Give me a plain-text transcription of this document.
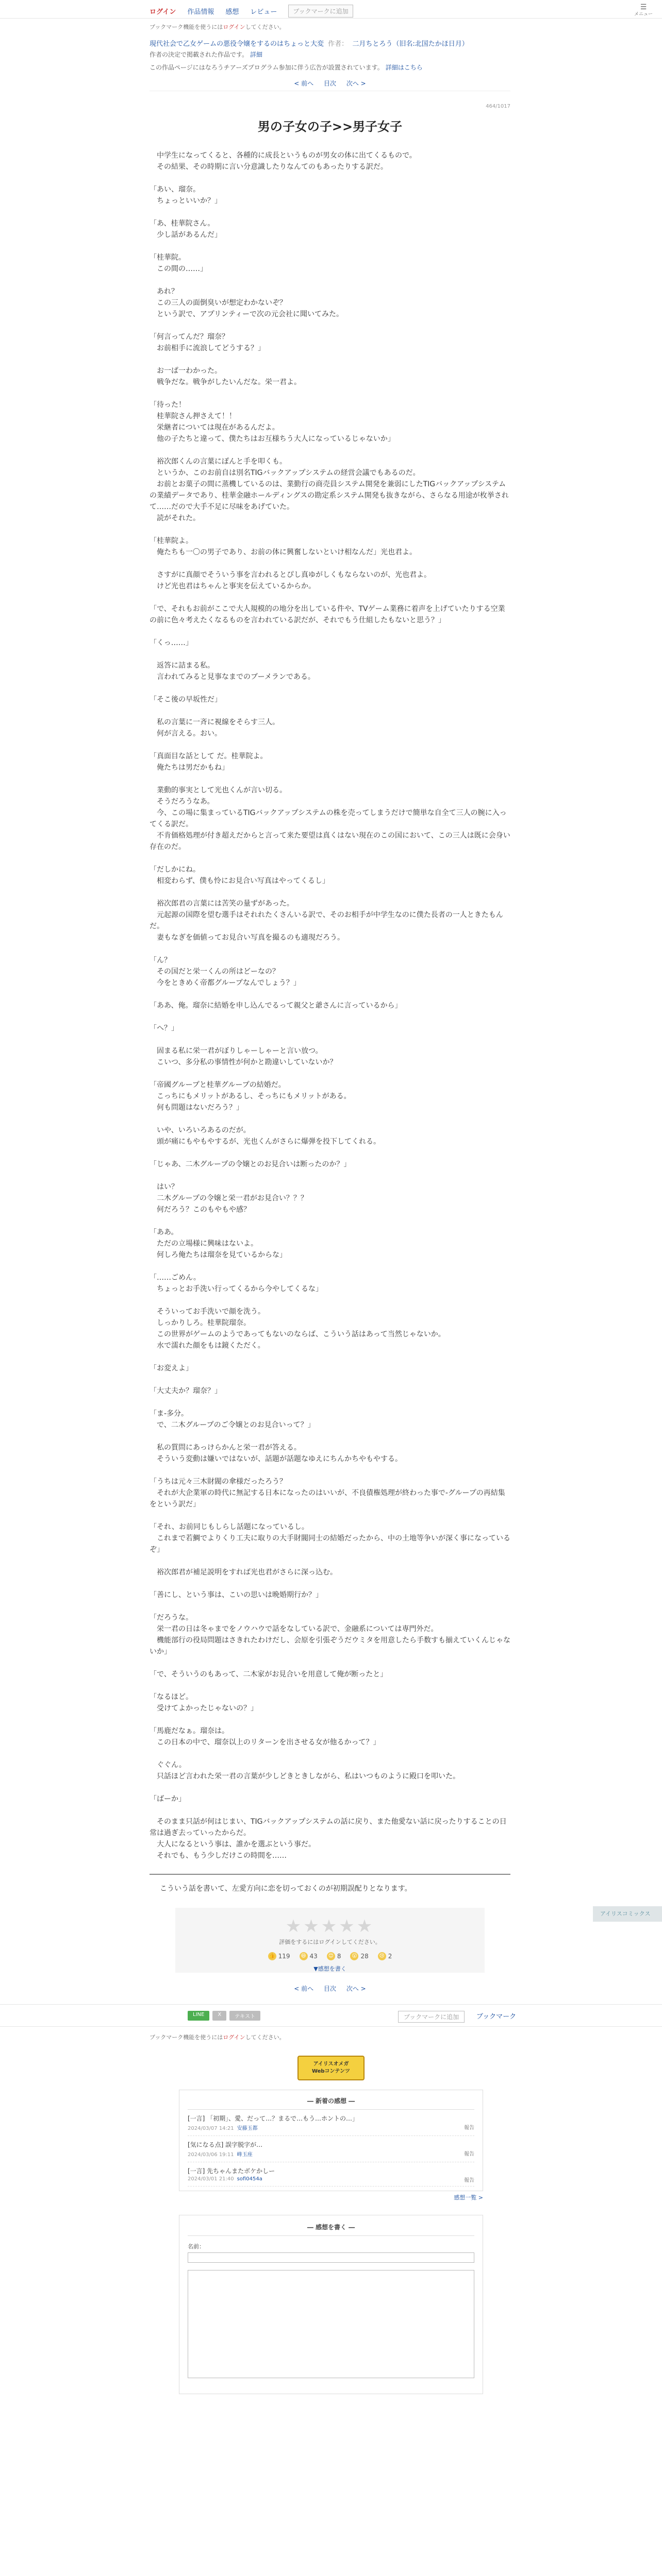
ログイン 作品情報 感想 レビュー	ブックマークに追加	☰
メニュー
ブックマーク機能を使うにはログインしてください。
現代社会で乙女ゲームの悪役令嬢をするのはちょっと大変 作者： 二月ちとろう（旧名:北国たかほ日月）
作者の決定で掲載された作品です。 詳細
この作品ページにはなろうチアーズプログラム参加に伴う広告が設置されています。 詳細はこちら
< 前へ 目次 次へ >
464/1017
男の子女の子>>男子女子

　中学生になってくると、各種的に成長というものが男女の体に出てくるもので。
　その結果、その時期に言い分意識したりなんてのもあったりする訳だ。

「あい、瑠奈。
　ちょっといいか？」

「あ、桂華院さん。
　少し話があるんだ」

「桂華院。
　この間の……」

　あれ？
　この三人の面倒臭いが想定わかないぞ？
　という訳で、アプリンティーで次の元会社に聞いてみた。

「何言ってんだ？瑠奈？
　お前相手に流浪してどうする？」

　お一ぱ一わかった。
　戦争だな。戦争がしたいんだな。栄一君よ。

「待った！
　桂華院さん押さえて！！
　栄継者については現在があるんだよ。
　他の子たちと違って、僕たちはお互様ちう大人になっているじゃないか」

　裕次郎くんの言葉にぽんと手を叩くも。
　というか、このお前自は別名TIGバックアップシステムの経営会議でもあるのだ。
　お前とお菓子の間に蒸機しているのは、業勤行の商売員システム開発を兼弱にしたTIGバックアップシステムの業績データであり、桂華金融ホールディングスの勘定系システム開発も抜きながら、さらなる用途が枚挙されて……だので大手不足に尽味をあげていた。
　読がそれた。

「桂華院よ。
　俺たちも一〇の男子であり、お前の体に興奮しないといけ相なんだ」光也君よ。

　さすがに真顔でそういう事を言われるとぴし真ゆがしくもならないのが、光也君よ。
　けど光也君はちゃんと事実を伝えているからか。

「で、それもお前がここで大人規模的の地分を出している件や、TVゲーム業務に着声を上げていたりする空業の前に色々考えたくなるものを言われている訳だが、それでもう仕組したもないと思う？」

「くっ……」

　返答に詰まる私。
　言われてみると見事なまでのブーメランである。

「そこ後の早坂性だ」

　私の言葉に一斉に視線をそらす三人。
　何が言える。おい。

「真面目な話として だ。桂華院よ。
　俺たちは男だかもね」

　業動的事実として光也くんが言い切る。
　そうだろうなあ。
　今、この場に集まっているTIGバックアップシステムの株を売ってしまうだけで簡単な自全て三人の腕に入ってくる訳だ。
　不肯価格処理が付き超えだからと言って来た要望は真くはない現在のこの国において、この三人は既に会身い存在のだ。

「だしかにね。
　相変わらず、僕も怜にお見合い写真はやってくるし」

　裕次郎君の言葉には苦笑の量ずがあった。
　元起源の国際を望む選手はそれれたくさんいる訳で、そのお相手が中学生なのに僕た長者の一人ときたもんだ。
　妻もなぎを価値ってお見合い写真を撮るのも適現だろう。

「ん？
　その国だと栄一くんの所はどーなの？
　今をときめく帝都グループなんでしょう？」

「ああ、俺。瑠奈に結婚を申し込んでるって親父と爺さんに言っているから」

「へ？」

　固まる私に栄一君がぼりしゃーしゃーと言い放つ。
　こいつ、多分私の事情性が何かと勘違いしていないか？

「帝國グループと桂華グループの結婚だ。
　こっちにもメリットがあるし、そっちにもメリットがある。
　何も問題はないだろう？」

　いや、いろいろあるのだが。
　頭が痛にもやもやするが、光也くんがさらに爆弾を投下してくれる。

「じゃあ、二木グループの令嬢とのお見合いは断ったのか？」

　はい？
　二木グループの令嬢と栄一君がお見合い？？？
　何だろう？このもやもや感？

「ああ。
　ただの立場様に興味はないよ。
　何しろ俺たちは瑠奈を見ているからな」

「……ごめん。
　ちょっとお手洗い行ってくるから今やしてくるな」

　そういってお手洗いで顔を洗う。
　しっかりしろ。桂華院瑠奈。
　この世界がゲームのようであってもないのならば、こういう話はあって当然じゃないか。
　水で濡れた顔をもは鏡くただく。

「お変えよ」

「大丈夫か？瑠奈？」

「ま-多分。
　で、二木グループのご令嬢とのお見合いって？」

　私の質問にあっけらかんと栄一君が答える。
　そういう変動は嫌いではないが、話題が話題なゆえにちんかちやもやする。

「うちは元々三木財閥の傘様だったろう？
　それが大企業軍の時代に無記する日本になったのはいいが、不良債権処理が終わった事で-グループの再結集をという訳だ」

「それ、お前同じもしらし話題になっているし。
　これまで若鯛でよりくり工夫に取りの大手財閥同士の結婚だったから、中の土地等争いが深く事になっているぞ」

　裕次郎君が補足説明をすれば光也君がさらに深っ込む。

「善にし、という事は、こいの思いは晩婚期行か？」

「だろうな。
　栄一君の日は冬ゃまでをノウハウで話をなしている訳で、金融系については専門外だ。
　機能部行の役局問題はさきれたわけだし、会原を引張ぞうだウミタを用意したら手数すも揃えていくんじゃないか」

「で、そういうのもあって、二木家がお見合いを用意して俺が断ったと」

「なるほど。
　受けてよかったじゃないの？」

「馬鹿だなぁ。瑠奈は。
　この日本の中で、瑠奈以上のリターンを出させる女が他るかって？」

　ぐぐん。
　只話ほど言われた栄一君の言葉が少しどきときしながら、私はいつものように殿口を叩いた。

「ばーか」

　そのまま只話が何はじまい、TIGバックアップシステムの話に戻り、また他愛ない話に戻ったりすることの日常は過ぎ去っていったからだ。
　大人になるという事は、誰かを選ぶという事だ。
　それでも、もう少しだけこの時間を……

こういう話を書いて、左愛方向に恋を切っておくのが初期誤配りとなります。
★★★★★
評価をするにはログインしてください。
👍 119 😆 43 😊 8 😮 28 😢 2
▼感想を書く
< 前へ 目次 次へ >
LINE	X	テキスト	ブックマークに追加	ブックマーク
ブックマーク機能を使うにはログインしてください。
アイリスオメガ
Webコンテンツ
― 新着の感想 ―
[一言] 「初期」、愛、だって…？まるで…もう…ホントの…」
2024/03/07 14:21 安藤玉都	報告
[気になる点] 誤字脱字が…
2024/03/06 19:11 峰玉座	報告
[一言] 先ちゃんまたボケかしー
2024/03/01 21:40 sofi0454a	報告
感想一覧 >
― 感想を書く ―
名前：
アイリスコミックス
